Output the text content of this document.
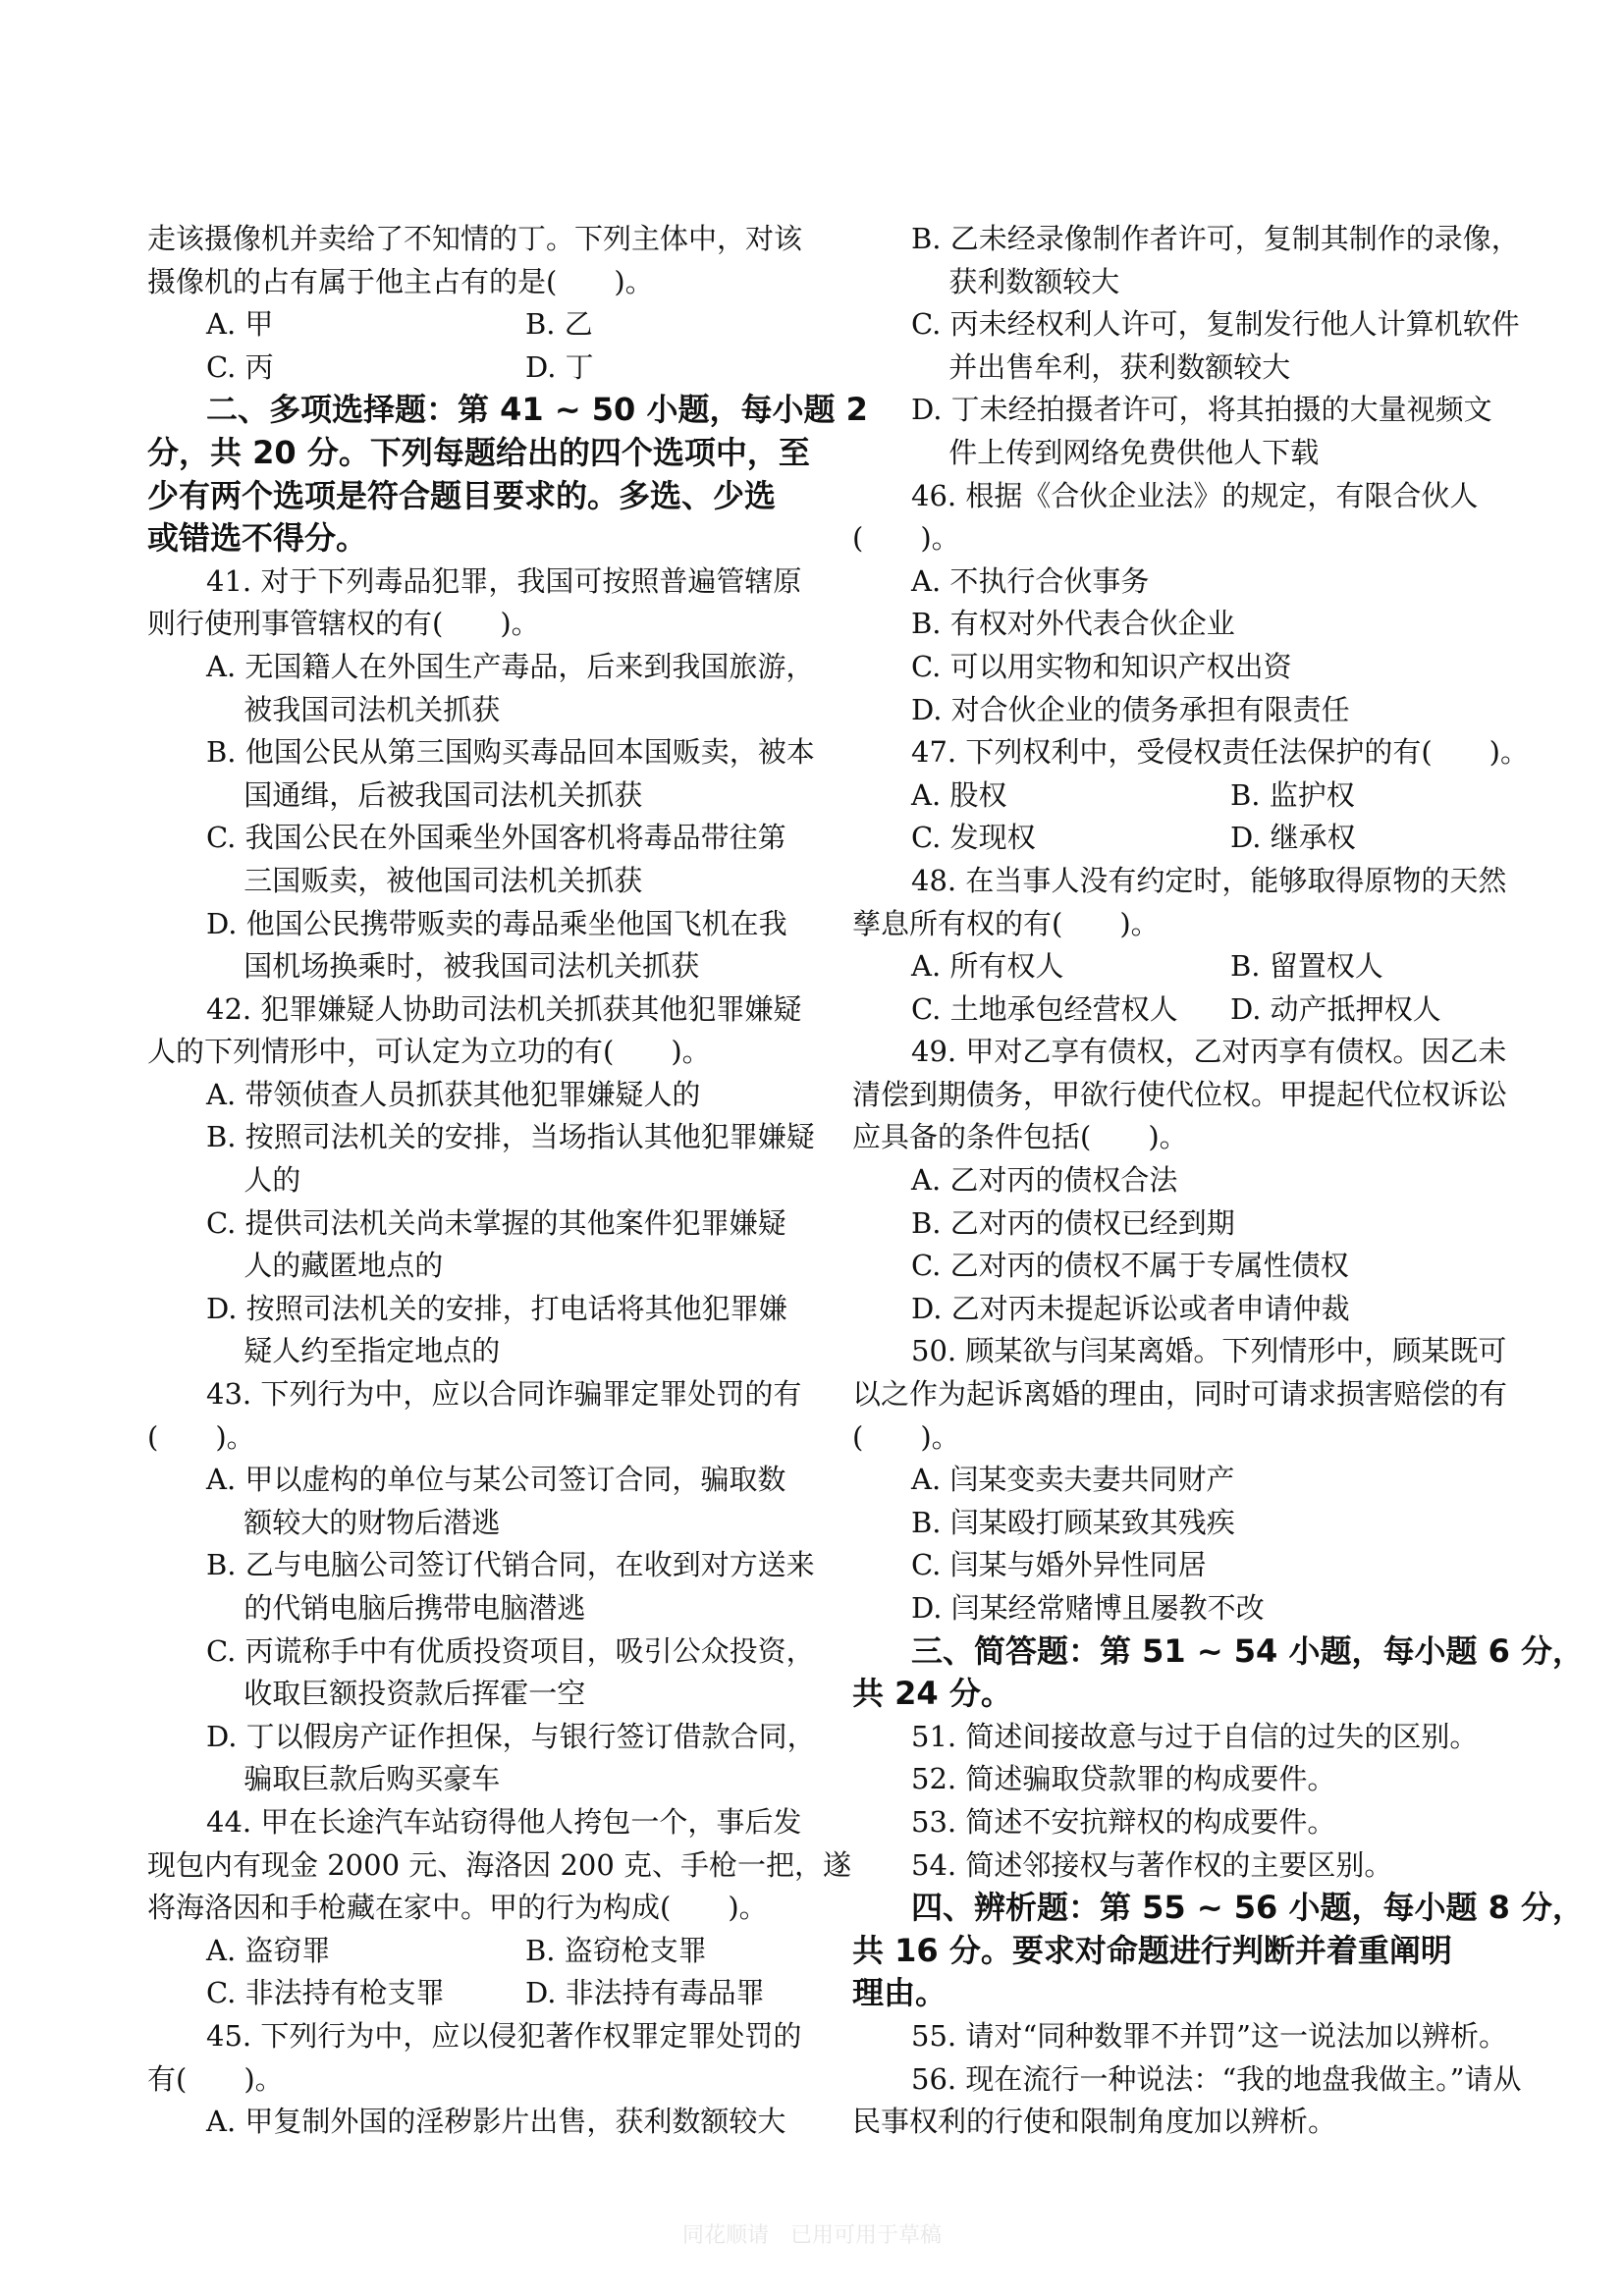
走该摄像机并卖给了不知情的丁。下列主体中，对该
摄像机的占有属于他主占有的是(　　)。
A. 甲	B. 乙
C. 丙	D. 丁
二、多项选择题：第 41 ~ 50 小题，每小题 2
分，共 20 分。下列每题给出的四个选项中，至
少有两个选项是符合题目要求的。多选、少选
或错选不得分。
41. 对于下列毒品犯罪，我国可按照普遍管辖原
则行使刑事管辖权的有(　　)。
A. 无国籍人在外国生产毒品，后来到我国旅游，
　 被我国司法机关抓获
B. 他国公民从第三国购买毒品回本国贩卖，被本
　 国通缉，后被我国司法机关抓获
C. 我国公民在外国乘坐外国客机将毒品带往第
　 三国贩卖，被他国司法机关抓获
D. 他国公民携带贩卖的毒品乘坐他国飞机在我
　 国机场换乘时，被我国司法机关抓获
42. 犯罪嫌疑人协助司法机关抓获其他犯罪嫌疑
人的下列情形中，可认定为立功的有(　　)。
A. 带领侦查人员抓获其他犯罪嫌疑人的
B. 按照司法机关的安排，当场指认其他犯罪嫌疑
　 人的
C. 提供司法机关尚未掌握的其他案件犯罪嫌疑
　 人的藏匿地点的
D. 按照司法机关的安排，打电话将其他犯罪嫌
　 疑人约至指定地点的
43. 下列行为中，应以合同诈骗罪定罪处罚的有
(　　)。
A. 甲以虚构的单位与某公司签订合同，骗取数
　 额较大的财物后潜逃
B. 乙与电脑公司签订代销合同，在收到对方送来
　 的代销电脑后携带电脑潜逃
C. 丙谎称手中有优质投资项目，吸引公众投资，
　 收取巨额投资款后挥霍一空
D. 丁以假房产证作担保，与银行签订借款合同，
　 骗取巨款后购买豪车
44. 甲在长途汽车站窃得他人挎包一个，事后发
现包内有现金 2000 元、海洛因 200 克、手枪一把，遂
将海洛因和手枪藏在家中。甲的行为构成(　　)。
A. 盗窃罪	B. 盗窃枪支罪
C. 非法持有枪支罪	D. 非法持有毒品罪
45. 下列行为中，应以侵犯著作权罪定罪处罚的
有(　　)。
A. 甲复制外国的淫秽影片出售，获利数额较大
B. 乙未经录像制作者许可，复制其制作的录像，
　 获利数额较大
C. 丙未经权利人许可，复制发行他人计算机软件
　 并出售牟利，获利数额较大
D. 丁未经拍摄者许可，将其拍摄的大量视频文
　 件上传到网络免费供他人下载
46. 根据《合伙企业法》的规定，有限合伙人
(　　)。
A. 不执行合伙事务
B. 有权对外代表合伙企业
C. 可以用实物和知识产权出资
D. 对合伙企业的债务承担有限责任
47. 下列权利中，受侵权责任法保护的有(　　)。
A. 股权	B. 监护权
C. 发现权	D. 继承权
48. 在当事人没有约定时，能够取得原物的天然
孳息所有权的有(　　)。
A. 所有权人	B. 留置权人
C. 土地承包经营权人	D. 动产抵押权人
49. 甲对乙享有债权，乙对丙享有债权。因乙未
清偿到期债务，甲欲行使代位权。甲提起代位权诉讼
应具备的条件包括(　　)。
A. 乙对丙的债权合法
B. 乙对丙的债权已经到期
C. 乙对丙的债权不属于专属性债权
D. 乙对丙未提起诉讼或者申请仲裁
50. 顾某欲与闫某离婚。下列情形中，顾某既可
以之作为起诉离婚的理由，同时可请求损害赔偿的有
(　　)。
A. 闫某变卖夫妻共同财产
B. 闫某殴打顾某致其残疾
C. 闫某与婚外异性同居
D. 闫某经常赌博且屡教不改
三、简答题：第 51 ~ 54 小题，每小题 6 分，
共 24 分。
51. 简述间接故意与过于自信的过失的区别。
52. 简述骗取贷款罪的构成要件。
53. 简述不安抗辩权的构成要件。
54. 简述邻接权与著作权的主要区别。
四、辨析题：第 55 ~ 56 小题，每小题 8 分，
共 16 分。要求对命题进行判断并着重阐明
理由。
55. 请对“同种数罪不并罚”这一说法加以辨析。
56. 现在流行一种说法：“我的地盘我做主。”请从
民事权利的行使和限制角度加以辨析。
同花顺请　已用可用于草稿
